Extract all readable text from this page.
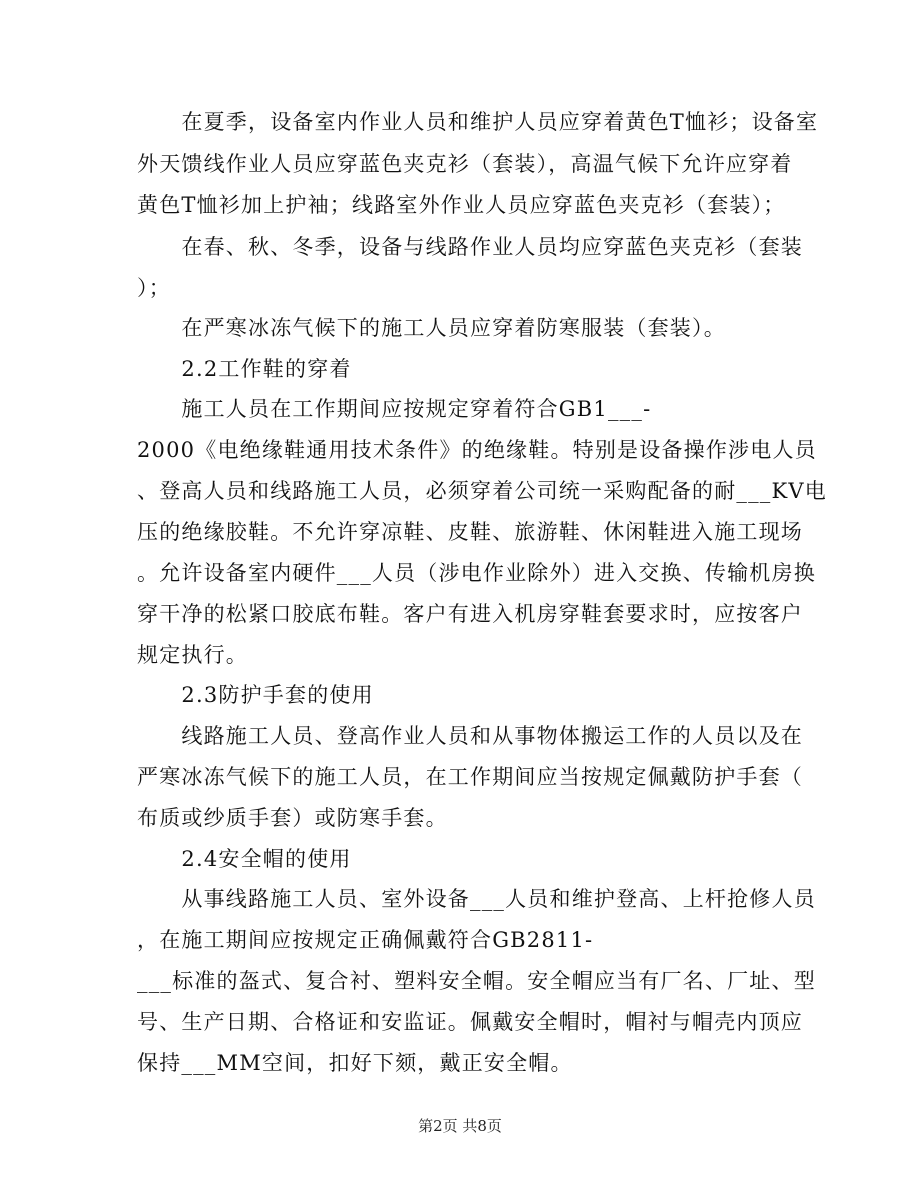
　　在夏季，设备室内作业人员和维护人员应穿着黄色T恤衫；设备室
外天馈线作业人员应穿蓝色夹克衫（套装），高温气候下允许应穿着
黄色T恤衫加上护袖；线路室外作业人员应穿蓝色夹克衫（套装）；
　　在春、秋、冬季，设备与线路作业人员均应穿蓝色夹克衫（套装
）；
　　在严寒冰冻气候下的施工人员应穿着防寒服装（套装）。
　　2.2工作鞋的穿着
　　施工人员在工作期间应按规定穿着符合GB1___-
2000《电绝缘鞋通用技术条件》的绝缘鞋。特别是设备操作涉电人员
、登高人员和线路施工人员，必须穿着公司统一采购配备的耐___KV电
压的绝缘胶鞋。不允许穿凉鞋、皮鞋、旅游鞋、休闲鞋进入施工现场
。允许设备室内硬件___人员（涉电作业除外）进入交换、传输机房换
穿干净的松紧口胶底布鞋。客户有进入机房穿鞋套要求时，应按客户
规定执行。
　　2.3防护手套的使用
　　线路施工人员、登高作业人员和从事物体搬运工作的人员以及在
严寒冰冻气候下的施工人员，在工作期间应当按规定佩戴防护手套（
布质或纱质手套）或防寒手套。
　　2.4安全帽的使用
　　从事线路施工人员、室外设备___人员和维护登高、上杆抢修人员
，在施工期间应按规定正确佩戴符合GB2811-
___标准的盔式、复合衬、塑料安全帽。安全帽应当有厂名、厂址、型
号、生产日期、合格证和安监证。佩戴安全帽时，帽衬与帽壳内顶应
保持___MM空间，扣好下颏，戴正安全帽。
第2页 共8页
